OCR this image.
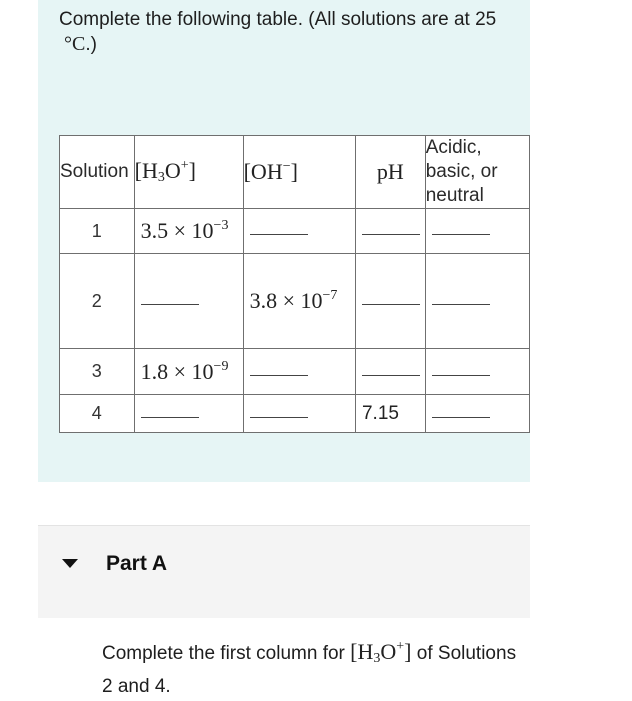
Complete the following table. (All solutions are at 25  °C.)
Solution	$[H_3O^+]$	[OH−]	pH	Acidic, basic, or neutral
1	$3.5 \times 10^{-3}$			
2		$3.8 \times 10^{-7}$		
3	$1.8 \times 10^{-9}$			
4			7.15	
Part A
Complete the first column for $[H_3O^+]$ of Solutions 2 and 4.
